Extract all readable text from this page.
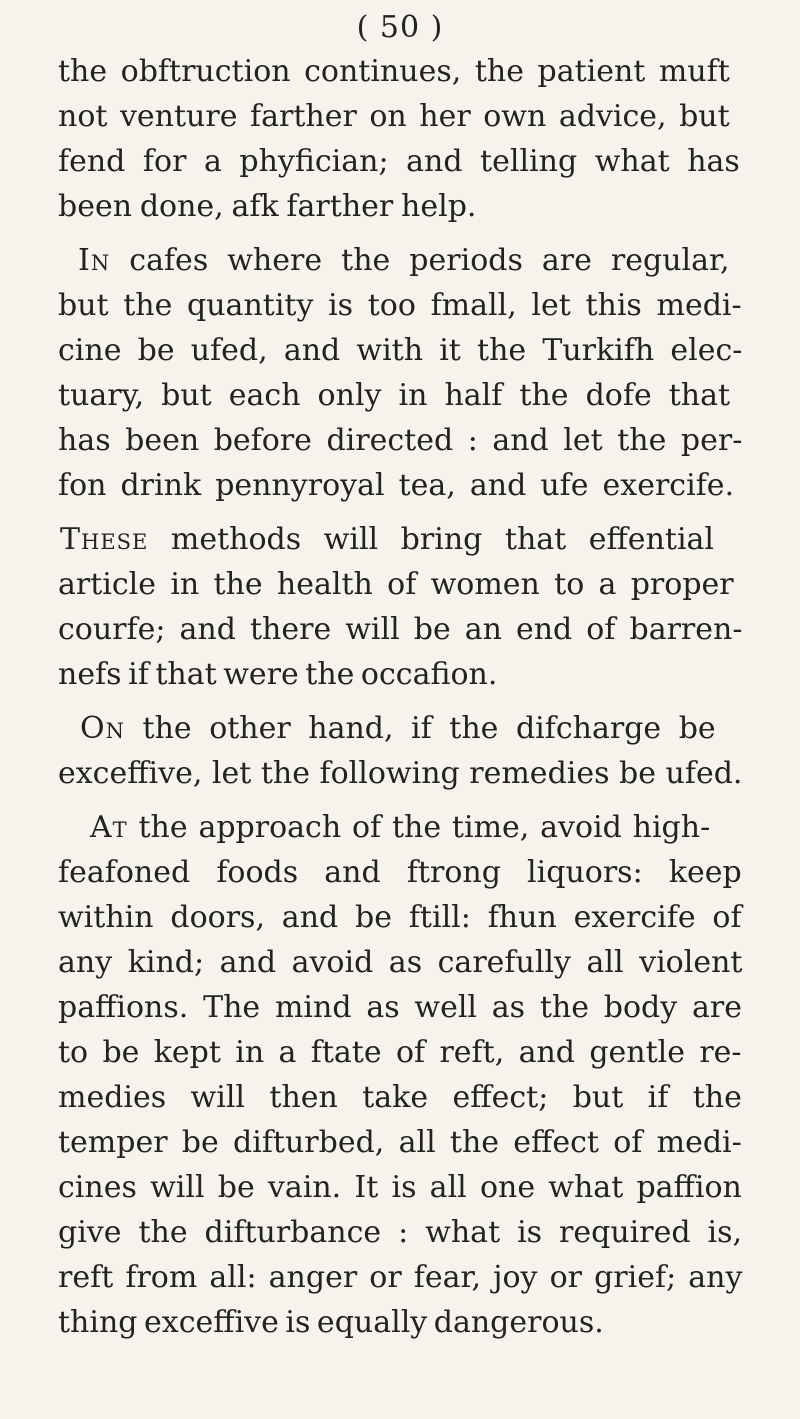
( 50 )
the obftruction continues, the patient muft
not venture farther on her own advice, but
fend for a phyfician; and telling what has
been done, afk farther help.
In cafes where the periods are regular,
but the quantity is too fmall, let this medi-
cine be ufed, and with it the Turkifh elec-
tuary, but each only in half the dofe that
has been before directed : and let the per-
fon drink pennyroyal tea, and ufe exercife.
These methods will bring that effential
article in the health of women to a proper
courfe; and there will be an end of barren-
nefs if that were the occafion.
On the other hand, if the difcharge be
exceffive, let the following remedies be ufed.
At the approach of the time, avoid high-
feafoned foods and ftrong liquors: keep
within doors, and be ftill: fhun exercife of
any kind; and avoid as carefully all violent
paffions. The mind as well as the body are
to be kept in a ftate of reft, and gentle re-
medies will then take effect; but if the
temper be difturbed, all the effect of medi-
cines will be vain. It is all one what paffion
give the difturbance : what is required is,
reft from all: anger or fear, joy or grief; any
thing exceffive is equally dangerous.
